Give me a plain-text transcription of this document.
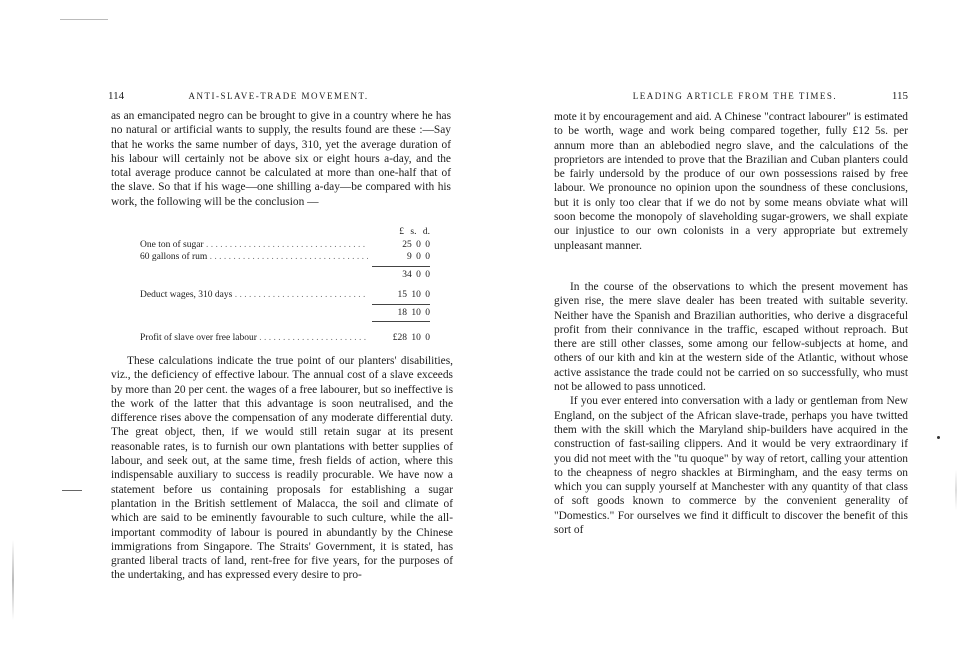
114	ANTI-SLAVE-TRADE MOVEMENT.

as an emancipated negro can be brought to give in a country where he has no natural or artificial wants to supply, the results found are these :—Say that he works the same number of days, 310, yet the average duration of his labour will certainly not be above six or eight hours a-day, and the total average produce cannot be calculated at more than one-half that of the slave. So that if his wage—one shilling a-day—be compared with his work, the following will be the conclusion —

£ s. d.
One ton of sugar . . .	25 0 0
60 gallons of rum . . .	9 0 0
34 0 0
Deduct wages, 310 days . . .	15 10 0
18 10 0
Profit of slave over free labour . . .	£28 10 0

These calculations indicate the true point of our planters' disabilities, viz., the deficiency of effective labour. The annual cost of a slave exceeds by more than 20 per cent. the wages of a free labourer, but so ineffective is the work of the latter that this advantage is soon neutralised, and the difference rises above the compensation of any moderate differential duty. The great object, then, if we would still retain sugar at its present reasonable rates, is to furnish our own plantations with better supplies of labour, and seek out, at the same time, fresh fields of action, where this indispensable auxiliary to success is readily procurable. We have now a statement before us containing proposals for establishing a sugar plantation in the British settlement of Malacca, the soil and climate of which are said to be eminently favourable to such culture, while the all-important commodity of labour is poured in abundantly by the Chinese immigrations from Singapore. The Straits' Government, it is stated, has granted liberal tracts of land, rent-free for five years, for the purposes of the undertaking, and has expressed every desire to pro-

LEADING ARTICLE FROM THE TIMES.	115

mote it by encouragement and aid. A Chinese "contract labourer" is estimated to be worth, wage and work being compared together, fully £12 5s. per annum more than an ablebodied negro slave, and the calculations of the proprietors are intended to prove that the Brazilian and Cuban planters could be fairly undersold by the produce of our own possessions raised by free labour. We pronounce no opinion upon the soundness of these conclusions, but it is only too clear that if we do not by some means obviate what will soon become the monopoly of slaveholding sugar-growers, we shall expiate our injustice to our own colonists in a very appropriate but extremely unpleasant manner.

In the course of the observations to which the present movement has given rise, the mere slave dealer has been treated with suitable severity. Neither have the Spanish and Brazilian authorities, who derive a disgraceful profit from their connivance in the traffic, escaped without reproach. But there are still other classes, some among our fellow-subjects at home, and others of our kith and kin at the western side of the Atlantic, without whose active assistance the trade could not be carried on so successfully, who must not be allowed to pass unnoticed.

If you ever entered into conversation with a lady or gentleman from New England, on the subject of the African slave-trade, perhaps you have twitted them with the skill which the Maryland ship-builders have acquired in the construction of fast-sailing clippers. And it would be very extraordinary if you did not meet with the "tu quoque" by way of retort, calling your attention to the cheapness of negro shackles at Birmingham, and the easy terms on which you can supply yourself at Manchester with any quantity of that class of soft goods known to commerce by the convenient generality of "Domestics." For ourselves we find it difficult to discover the benefit of this sort of
